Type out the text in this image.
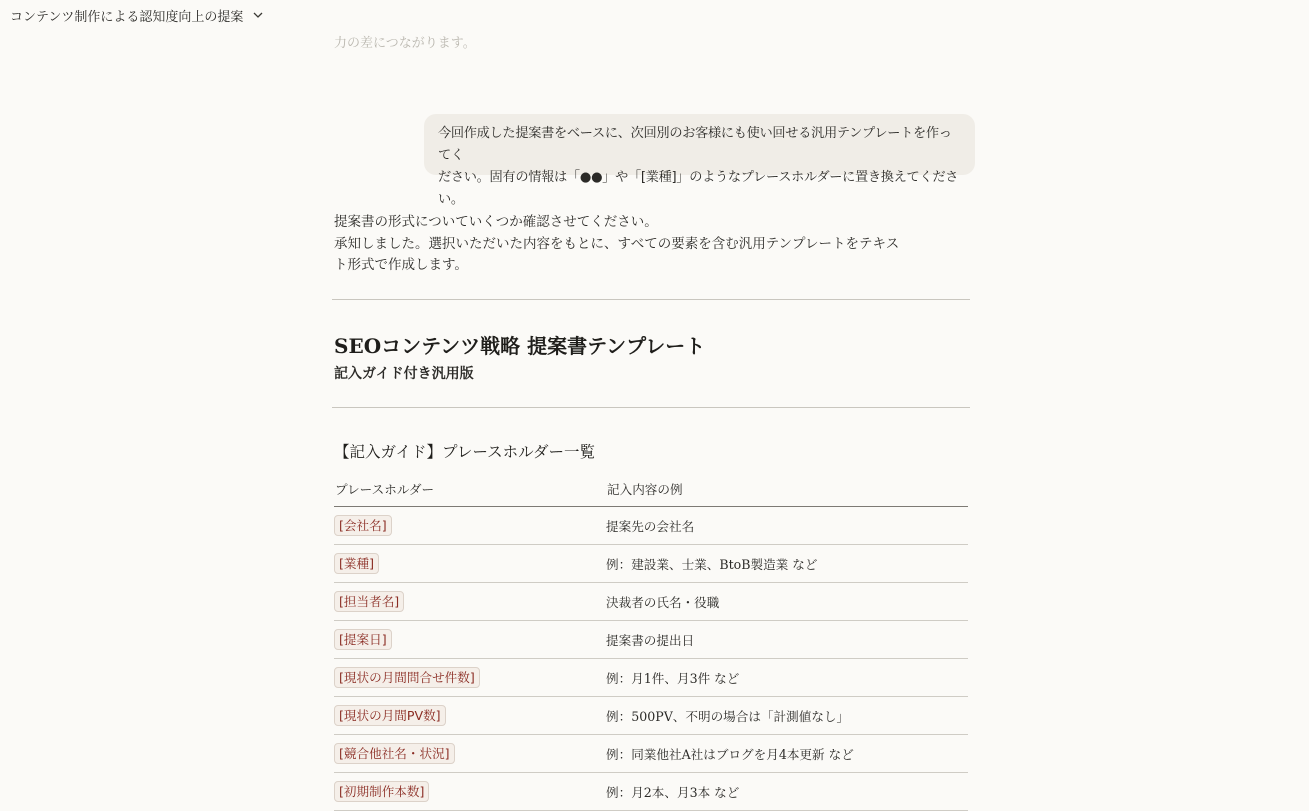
コンテンツ制作による認知度向上の提案
力の差につながります。
今回作成した提案書をベースに、次回別のお客様にも使い回せる汎用テンプレートを作ってく
ださい。固有の情報は「●●」や「[業種]」のようなプレースホルダーに置き換えてください。
提案書の形式についていくつか確認させてください。
承知しました。選択いただいた内容をもとに、すべての要素を含む汎用テンプレートをテキス
ト形式で作成します。
SEOコンテンツ戦略 提案書テンプレート
記入ガイド付き汎用版
【記入ガイド】プレースホルダー一覧
プレースホルダー	記入内容の例
[会社名]	提案先の会社名
[業種]	例：建設業、士業、BtoB製造業 など
[担当者名]	決裁者の氏名・役職
[提案日]	提案書の提出日
[現状の月間問合せ件数]	例：月1件、月3件 など
[現状の月間PV数]	例：500PV、不明の場合は「計測値なし」
[競合他社名・状況]	例：同業他社A社はブログを月4本更新 など
[初期制作本数]	例：月2本、月3本 など
